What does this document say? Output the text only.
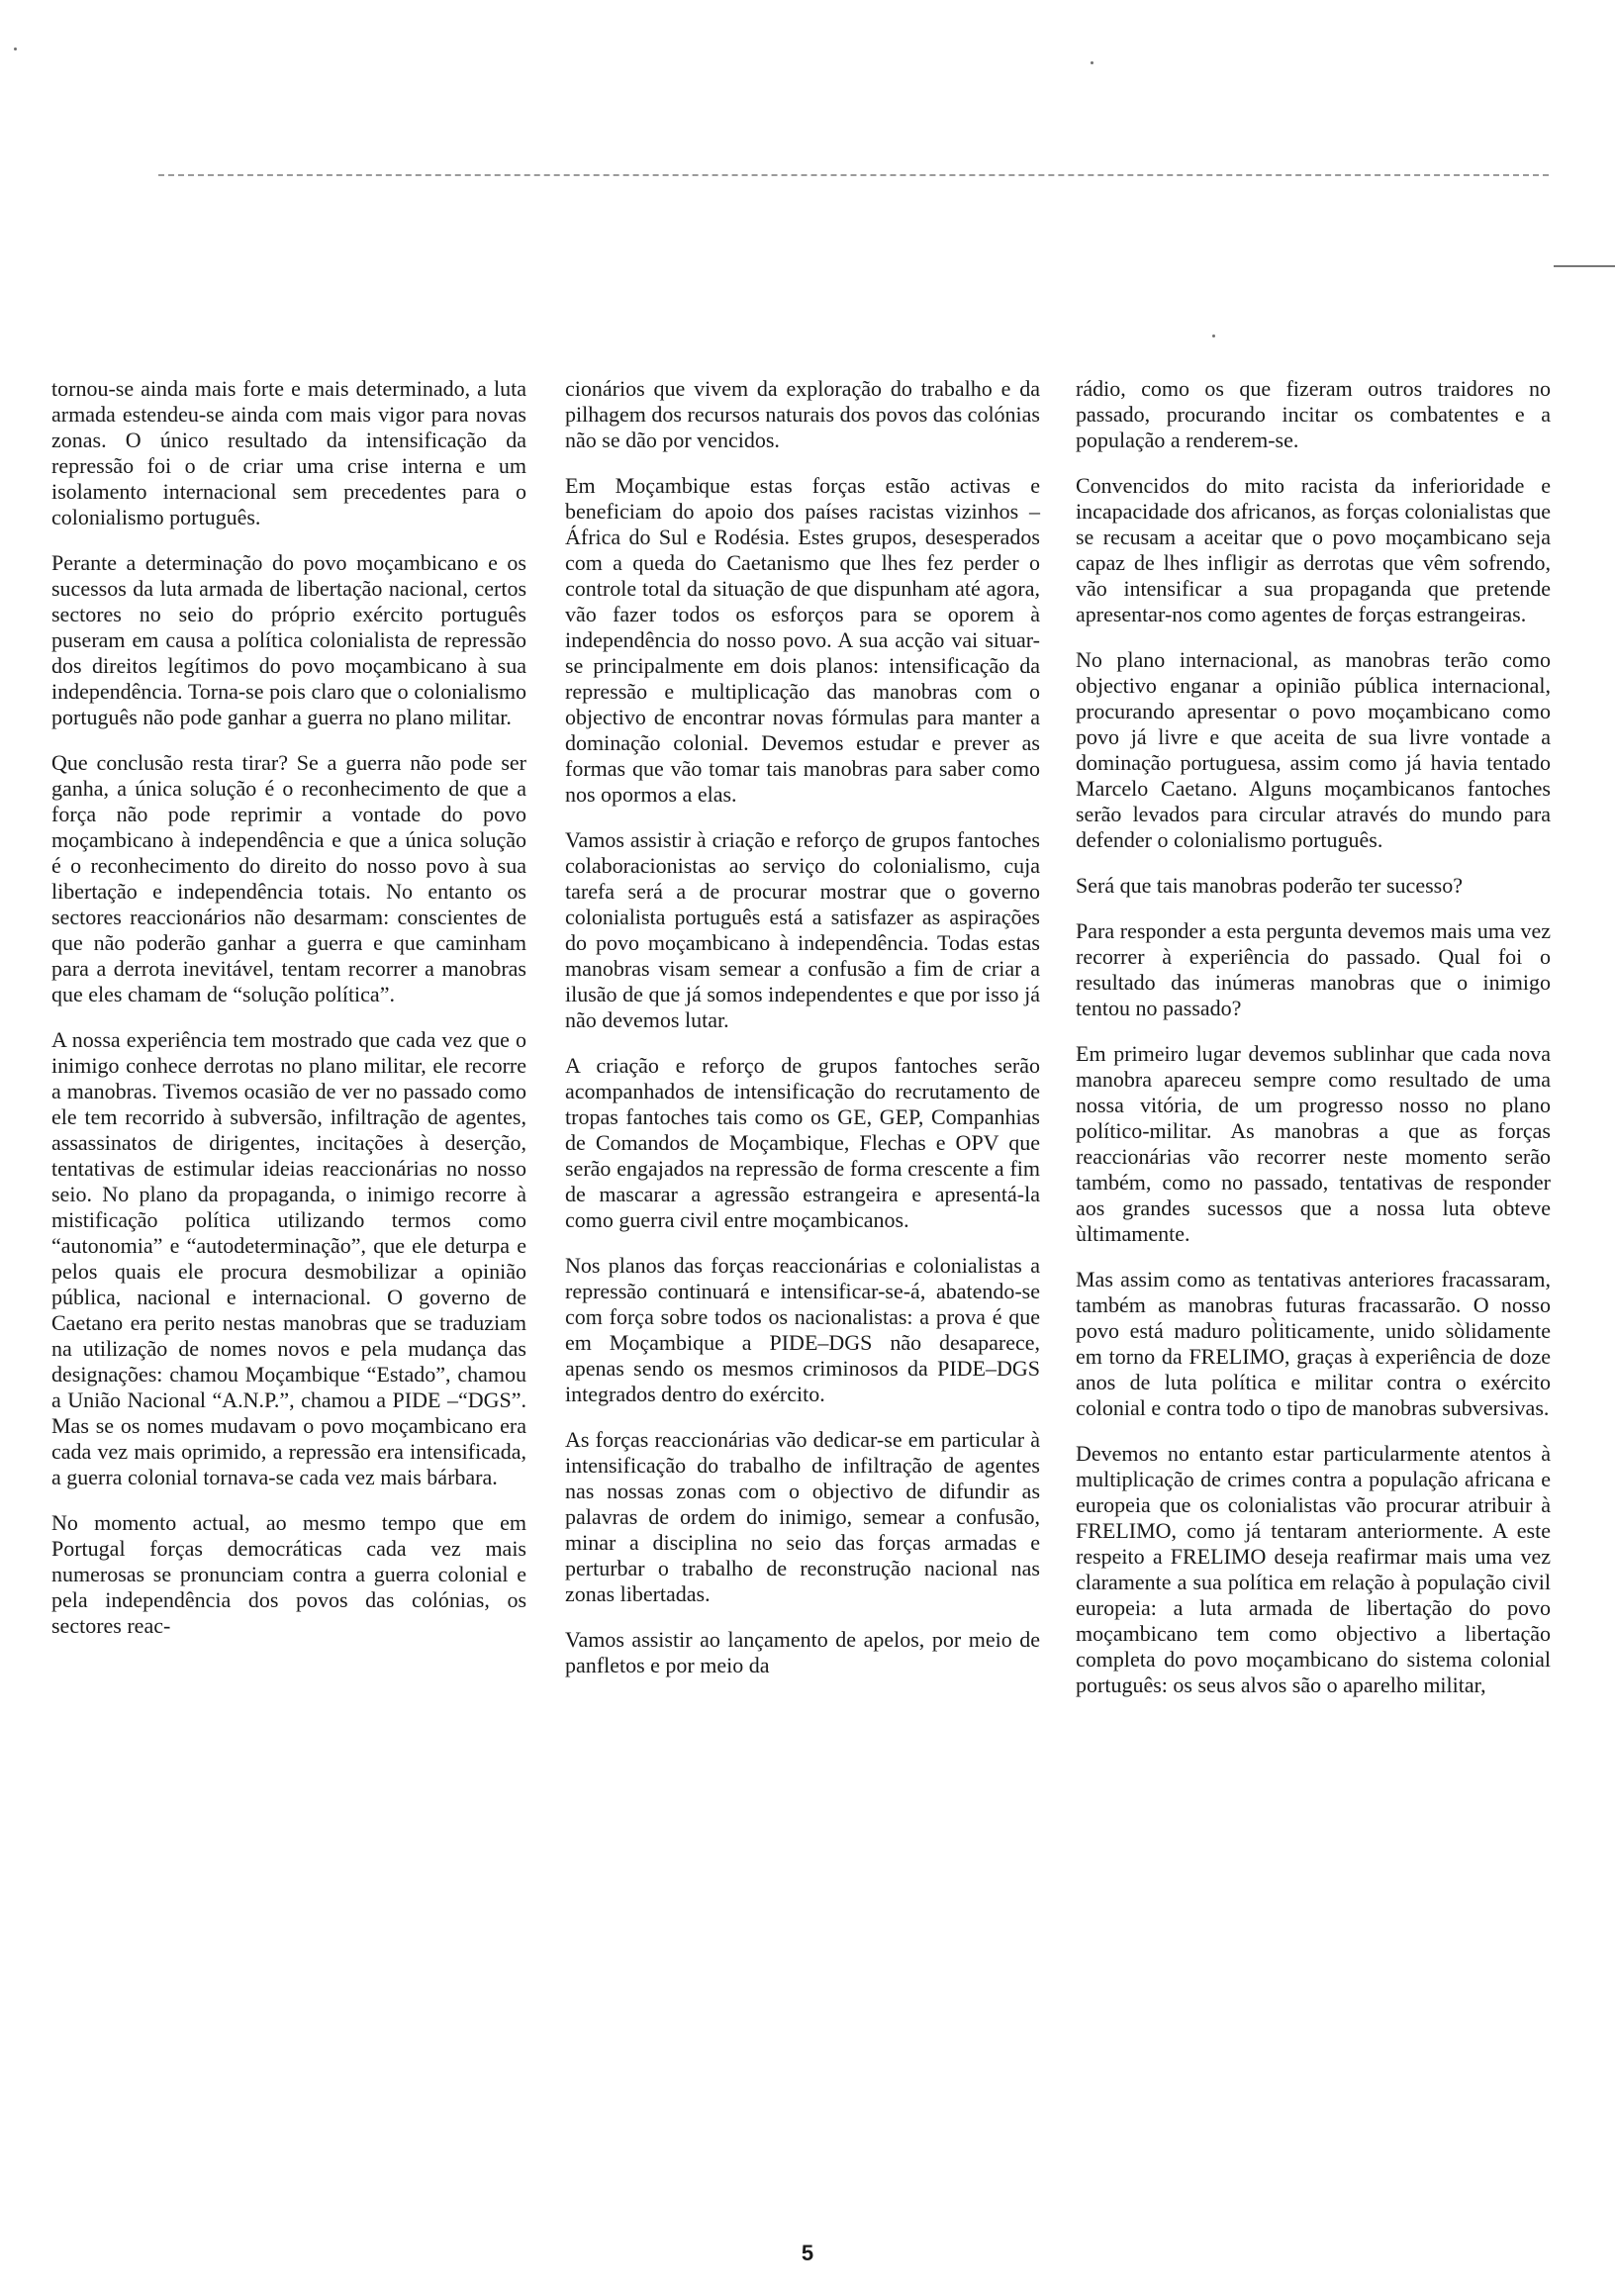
tornou-se ainda mais forte e mais determinado, a luta armada estendeu-se ainda com mais vigor para novas zonas. O único resultado da intensificação da repressão foi o de criar uma crise interna e um isolamento internacional sem precedentes para o colonialismo português.

Perante a determinação do povo moçambicano e os sucessos da luta armada de libertação nacional, certos sectores no seio do próprio exército português puseram em causa a política colonialista de repressão dos direitos legítimos do povo moçambicano à sua independência. Torna-se pois claro que o colonialismo português não pode ganhar a guerra no plano militar.

Que conclusão resta tirar? Se a guerra não pode ser ganha, a única solução é o reconhecimento de que a força não pode reprimir a vontade do povo moçambicano à independência e que a única solução é o reconhecimento do direito do nosso povo à sua libertação e independência totais. No entanto os sectores reaccionários não desarmam: conscientes de que não poderão ganhar a guerra e que caminham para a derrota inevitável, tentam recorrer a manobras que eles chamam de “solução política”.

A nossa experiência tem mostrado que cada vez que o inimigo conhece derrotas no plano militar, ele recorre a manobras. Tivemos ocasião de ver no passado como ele tem recorrido à subversão, infiltração de agentes, assassinatos de dirigentes, incitações à deserção, tentativas de estimular ideias reaccionárias no nosso seio. No plano da propaganda, o inimigo recorre à mistificação política utilizando termos como “autonomia” e “autodeterminação”, que ele deturpa e pelos quais ele procura desmobilizar a opinião pública, nacional e internacional. O governo de Caetano era perito nestas manobras que se traduziam na utilização de nomes novos e pela mudança das designações: chamou Moçambique “Estado”, chamou a União Nacional “A.N.P.”, chamou a PIDE –“DGS”. Mas se os nomes mudavam o povo moçambicano era cada vez mais oprimido, a repressão era intensificada, a guerra colonial tornava-se cada vez mais bárbara.

No momento actual, ao mesmo tempo que em Portugal forças democráticas cada vez mais numerosas se pronunciam contra a guerra colonial e pela independência dos povos das colónias, os sectores reac-

cionários que vivem da exploração do trabalho e da pilhagem dos recursos naturais dos povos das colónias não se dão por vencidos.

Em Moçambique estas forças estão activas e beneficiam do apoio dos países racistas vizinhos – África do Sul e Rodésia. Estes grupos, desesperados com a queda do Caetanismo que lhes fez perder o controle total da situação de que dispunham até agora, vão fazer todos os esforços para se oporem à independência do nosso povo. A sua acção vai situar-se principalmente em dois planos: intensificação da repressão e multiplicação das manobras com o objectivo de encontrar novas fórmulas para manter a dominação colonial. Devemos estudar e prever as formas que vão tomar tais manobras para saber como nos opormos a elas.

Vamos assistir à criação e reforço de grupos fantoches colaboracionistas ao serviço do colonialismo, cuja tarefa será a de procurar mostrar que o governo colonialista português está a satisfazer as aspirações do povo moçambicano à independência. Todas estas manobras visam semear a confusão a fim de criar a ilusão de que já somos independentes e que por isso já não devemos lutar.

A criação e reforço de grupos fantoches serão acompanhados de intensificação do recrutamento de tropas fantoches tais como os GE, GEP, Companhias de Comandos de Moçambique, Flechas e OPV que serão engajados na repressão de forma crescente a fim de mascarar a agressão estrangeira e apresentá-la como guerra civil entre moçambicanos.

Nos planos das forças reaccionárias e colonialistas a repressão continuará e intensificar-se-á, abatendo-se com força sobre todos os nacionalistas: a prova é que em Moçambique a PIDE–DGS não desaparece, apenas sendo os mesmos criminosos da PIDE–DGS integrados dentro do exército.

As forças reaccionárias vão dedicar-se em particular à intensificação do trabalho de infiltração de agentes nas nossas zonas com o objectivo de difundir as palavras de ordem do inimigo, semear a confusão, minar a disciplina no seio das forças armadas e perturbar o trabalho de reconstrução nacional nas zonas libertadas.

Vamos assistir ao lançamento de apelos, por meio de panfletos e por meio da

rádio, como os que fizeram outros traidores no passado, procurando incitar os combatentes e a população a renderem-se.

Convencidos do mito racista da inferioridade e incapacidade dos africanos, as forças colonialistas que se recusam a aceitar que o povo moçambicano seja capaz de lhes infligir as derrotas que vêm sofrendo, vão intensificar a sua propaganda que pretende apresentar-nos como agentes de forças estrangeiras.

No plano internacional, as manobras terão como objectivo enganar a opinião pública internacional, procurando apresentar o povo moçambicano como povo já livre e que aceita de sua livre vontade a dominação portuguesa, assim como já havia tentado Marcelo Caetano. Alguns moçambicanos fantoches serão levados para circular através do mundo para defender o colonialismo português.

Será que tais manobras poderão ter sucesso?

Para responder a esta pergunta devemos mais uma vez recorrer à experiência do passado. Qual foi o resultado das inúmeras manobras que o inimigo tentou no passado?

Em primeiro lugar devemos sublinhar que cada nova manobra apareceu sempre como resultado de uma nossa vitória, de um progresso nosso no plano político-militar. As manobras a que as forças reaccionárias vão recorrer neste momento serão também, como no passado, tentativas de responder aos grandes sucessos que a nossa luta obteve ùltimamente.

Mas assim como as tentativas anteriores fracassaram, também as manobras futuras fracassarão. O nosso povo está maduro pol̀iticamente, unido sòlidamente em torno da FRELIMO, graças à experiência de doze anos de luta política e militar contra o exército colonial e contra todo o tipo de manobras subversivas.

Devemos no entanto estar particularmente atentos à multiplicação de crimes contra a população africana e europeia que os colonialistas vão procurar atribuir à FRELIMO, como já tentaram anteriormente. A este respeito a FRELIMO deseja reafirmar mais uma vez claramente a sua política em relação à população civil europeia: a luta armada de libertação do povo moçambicano tem como objectivo a libertação completa do povo moçambicano do sistema colonial português: os seus alvos são o aparelho militar,

5
